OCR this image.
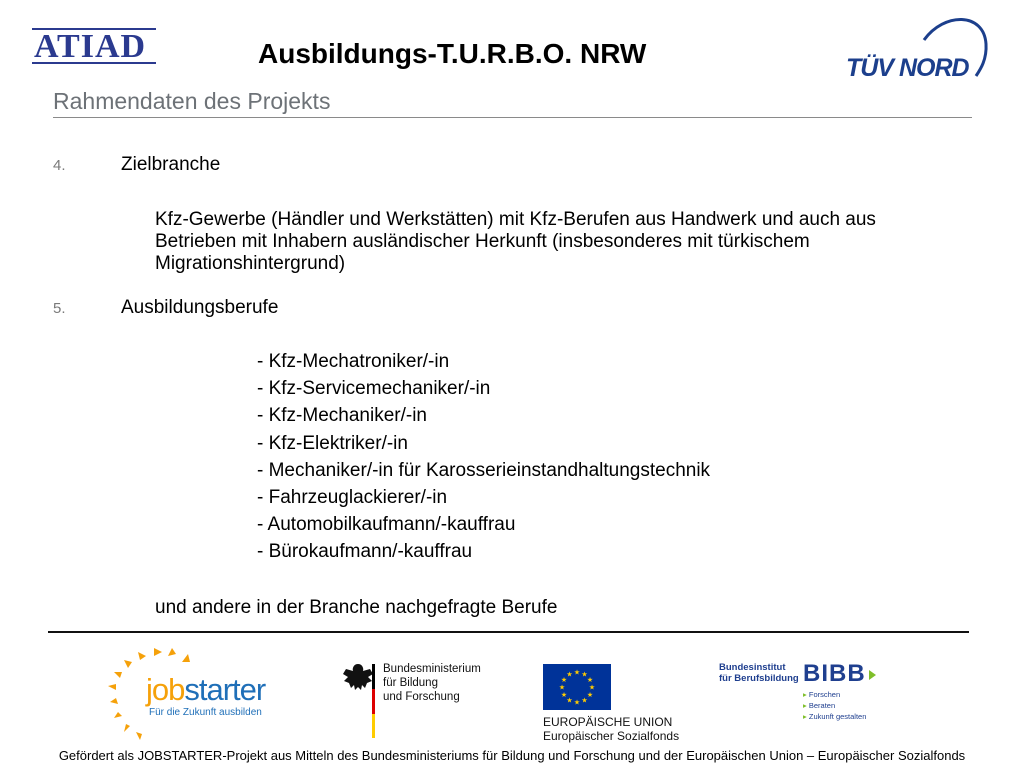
ATIAD	Ausbildungs-T.U.R.B.O. NRW	TÜV NORD
Rahmendaten des Projekts
4.	Zielbranche
Kfz-Gewerbe (Händler und Werkstätten) mit Kfz-Berufen aus Handwerk und auch aus Betrieben mit Inhabern ausländischer Herkunft (insbesonderes mit türkischem Migrationshintergrund)
5.	Ausbildungsberufe
- Kfz-Mechatroniker/-in
- Kfz-Servicemechaniker/-in
- Kfz-Mechaniker/-in
- Kfz-Elektriker/-in
- Mechaniker/-in für Karosserieinstandhaltungstechnik
- Fahrzeuglackierer/-in
- Automobilkaufmann/-kauffrau
- Bürokaufmann/-kauffrau
und andere in der Branche nachgefragte Berufe
jobstarter
Für die Zukunft ausbilden
Bundesministerium
für Bildung
und Forschung
★
★
★
★
★
★
★
★
★ ★ ★
★
EUROPÄISCHE UNION
Europäischer Sozialfonds
Bundesinstitut
für Berufsbildung BIBB
▸ Forschen
▸ Beraten
▸ Zukunft gestalten
Gefördert als JOBSTARTER-Projekt aus Mitteln des Bundesministeriums für Bildung und Forschung und der Europäischen Union – Europäischer Sozialfonds
